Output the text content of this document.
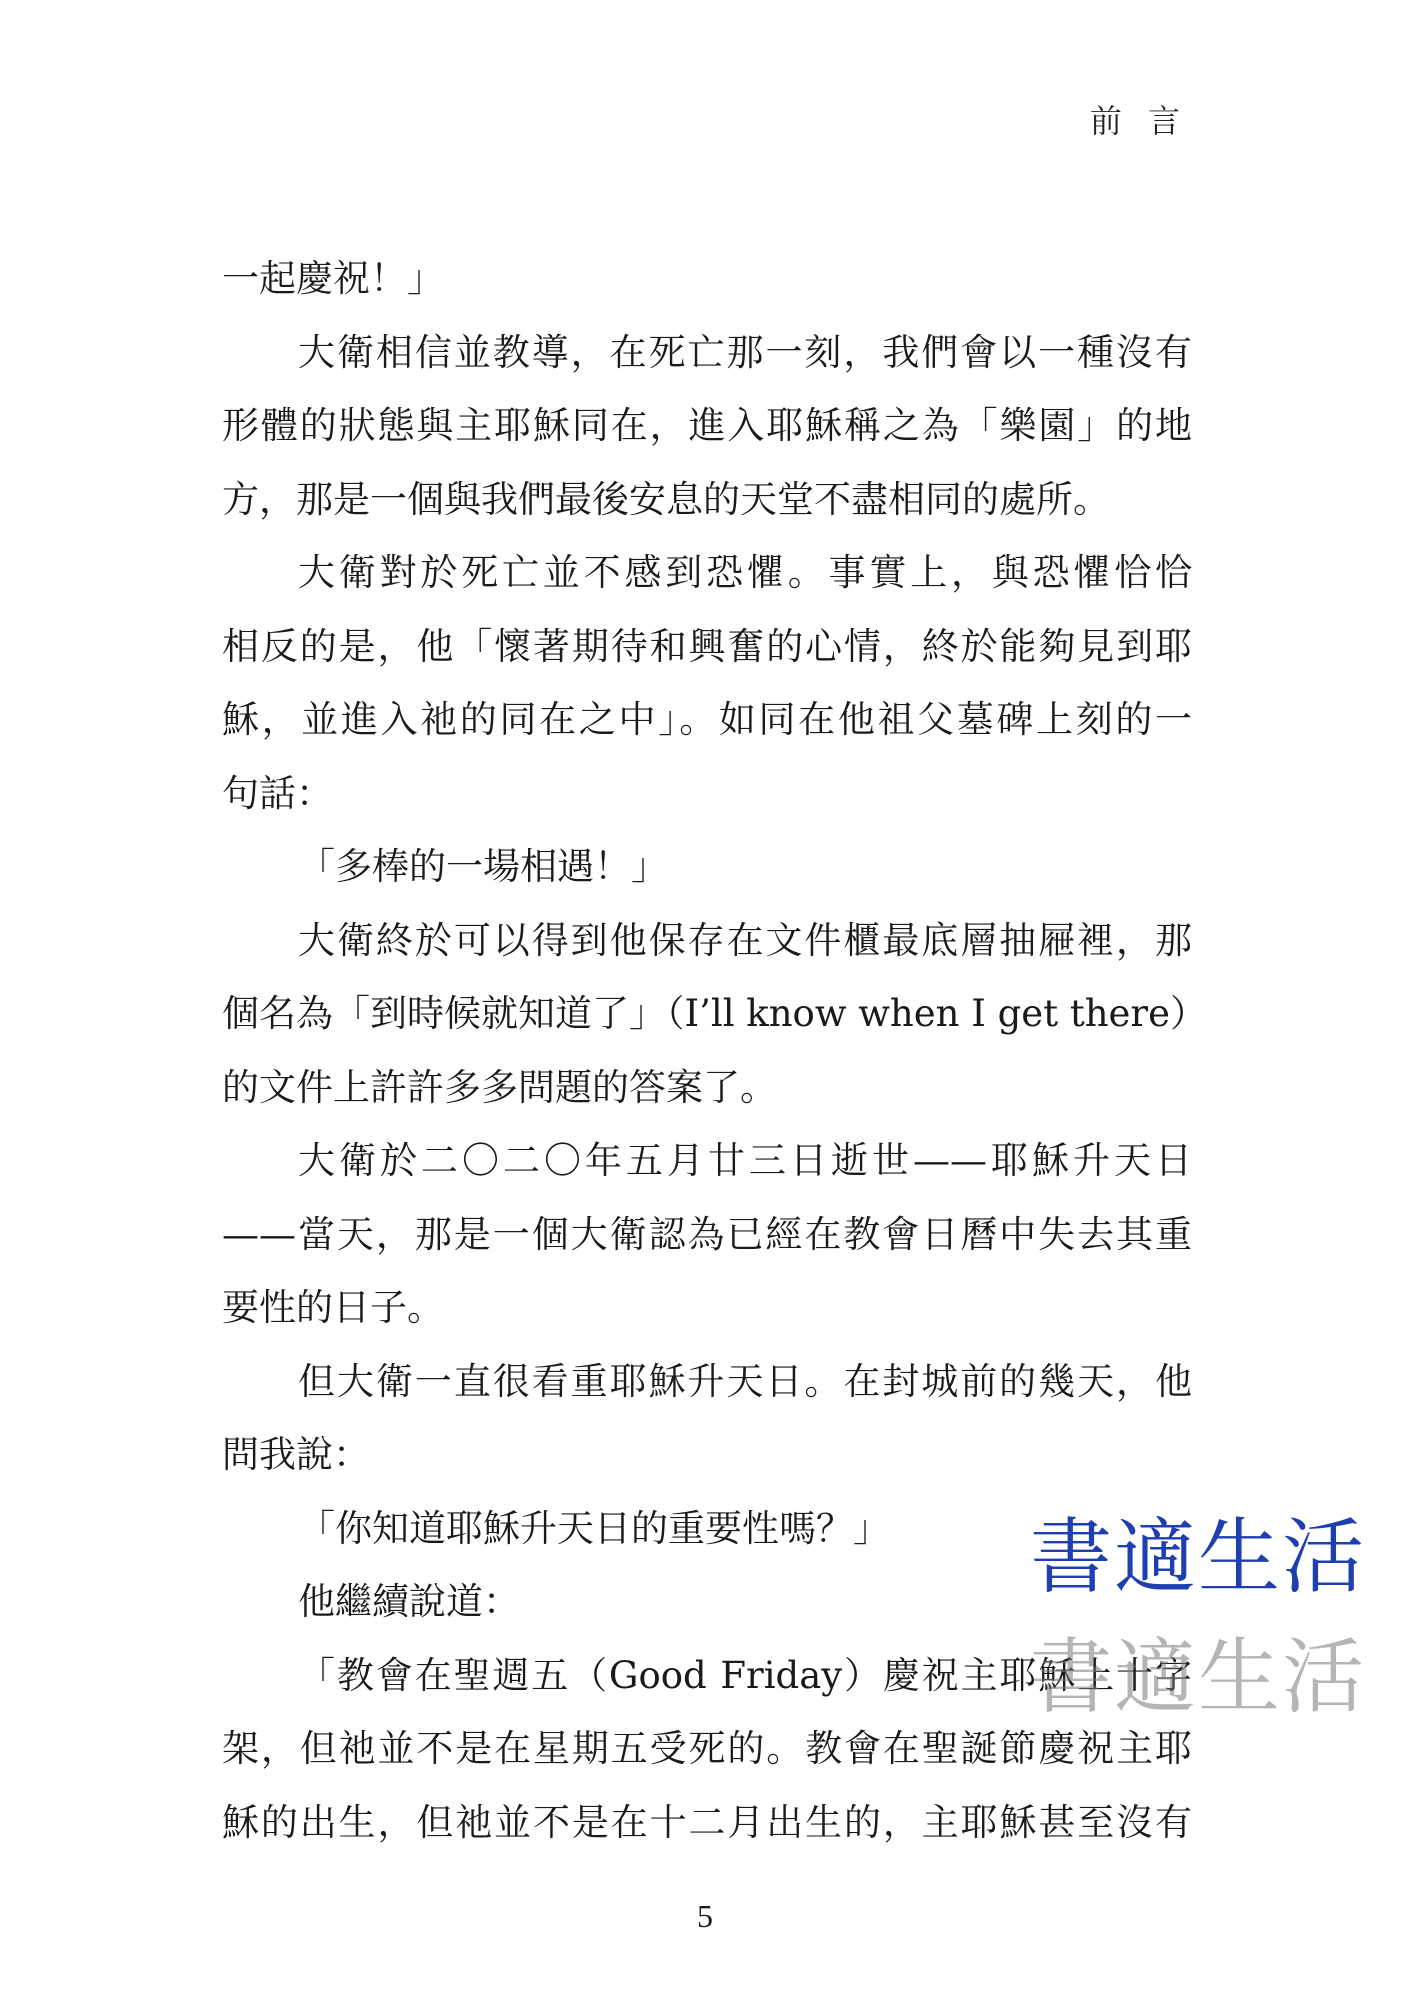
前 言
一起慶祝！」
大衛相信並教導，在死亡那一刻，我們會以一種沒有
形體的狀態與主耶穌同在，進入耶穌稱之為「樂園」的地
方，那是一個與我們最後安息的天堂不盡相同的處所。
大衛對於死亡並不感到恐懼。事實上，與恐懼恰恰
相反的是，他「懷著期待和興奮的心情，終於能夠見到耶
穌，並進入祂的同在之中」。如同在他祖父墓碑上刻的一
句話：
「多棒的一場相遇！」
大衛終於可以得到他保存在文件櫃最底層抽屜裡，那
個名為「到時候就知道了」（I’ll know when I get there）
的文件上許許多多問題的答案了。
大衛於二〇二〇年五月廿三日逝世——耶穌升天日
——當天，那是一個大衛認為已經在教會日曆中失去其重
要性的日子。
但大衛一直很看重耶穌升天日。在封城前的幾天，他
問我說：
「你知道耶穌升天日的重要性嗎？」
他繼續說道：
「教會在聖週五（Good Friday）慶祝主耶穌上十字
架，但祂並不是在星期五受死的。教會在聖誕節慶祝主耶
穌的出生，但祂並不是在十二月出生的，主耶穌甚至沒有
書適生活
書適生活
5
